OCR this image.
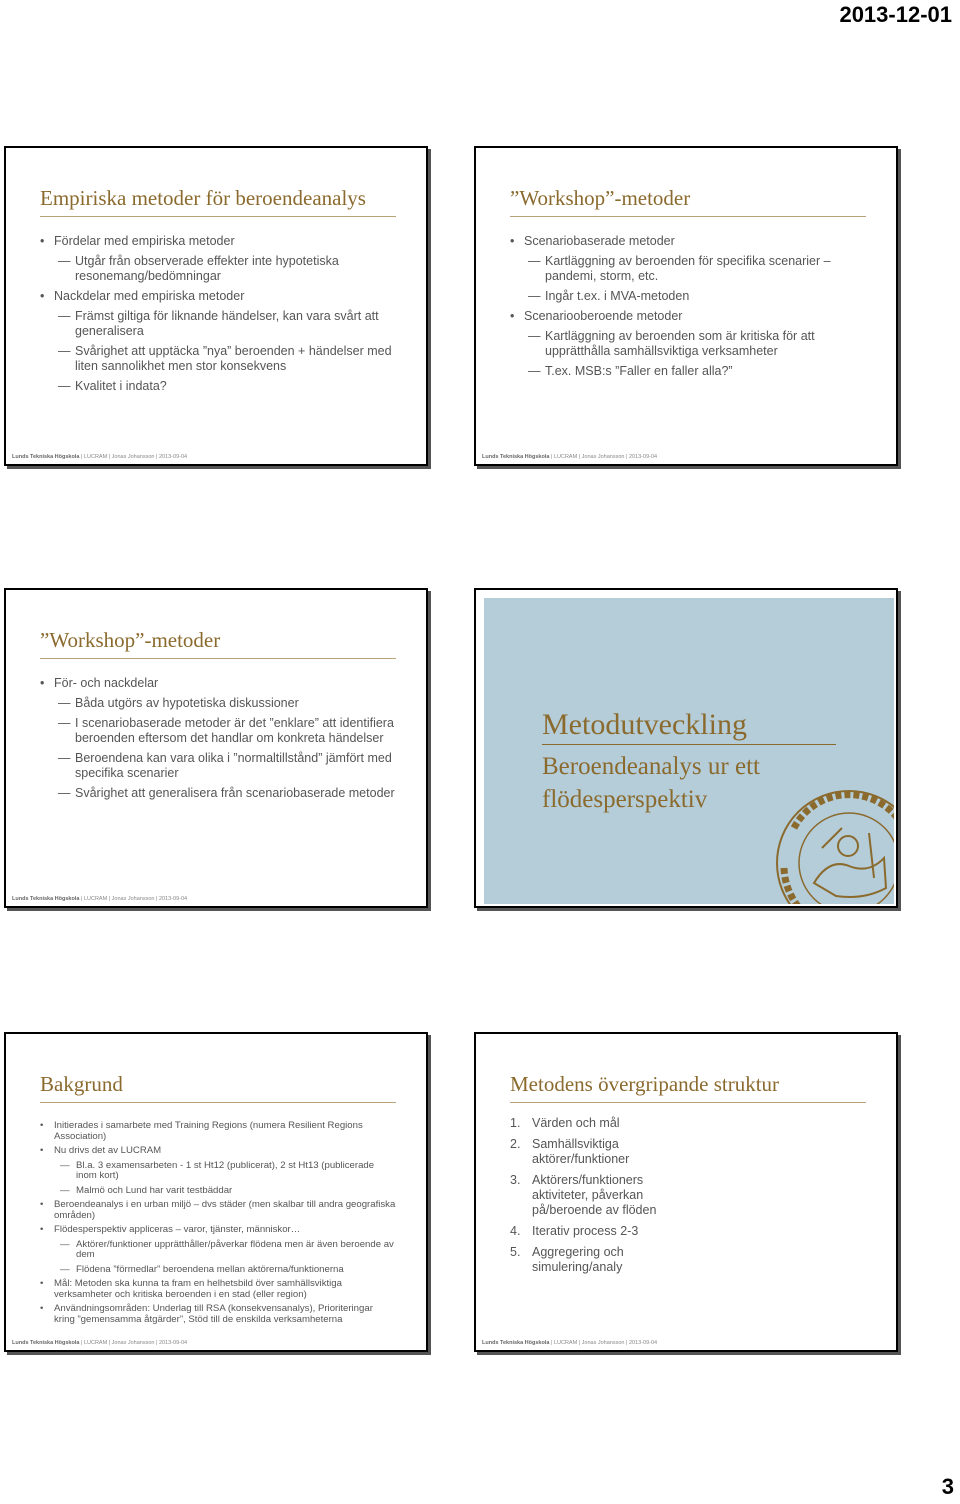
2013-12-01
Empiriska metoder för beroendeanalys
• Fördelar med empiriska metoder
— Utgår från observerade effekter inte hypotetiska resonemang/bedömningar
• Nackdelar med empiriska metoder
— Främst giltiga för liknande händelser, kan vara svårt att generalisera
— Svårighet att upptäcka ”nya” beroenden + händelser med liten sannolikhet men stor konsekvens
— Kvalitet i indata?
Lunds Tekniska Högskola | LUCRAM | Jonas Johansson | 2013-09-04
”Workshop”-metoder
• Scenariobaserade metoder
— Kartläggning av beroenden för specifika scenarier – pandemi, storm, etc.
— Ingår t.ex. i MVA-metoden
• Scenariooberoende metoder
— Kartläggning av beroenden som är kritiska för att upprätthålla samhällsviktiga verksamheter
— T.ex. MSB:s ”Faller en faller alla?”
Lunds Tekniska Högskola | LUCRAM | Jonas Johansson | 2013-09-04
”Workshop”-metoder
• För- och nackdelar
— Båda utgörs av hypotetiska diskussioner
— I scenariobaserade metoder är det ”enklare” att identifiera beroenden eftersom det handlar om konkreta händelser
— Beroendena kan vara olika i ”normaltillstånd” jämfört med specifika scenarier
— Svårighet att generalisera från scenariobaserade metoder
Lunds Tekniska Högskola | LUCRAM | Jonas Johansson | 2013-09-04
Metodutveckling
Beroendeanalys ur ett flödesperspektiv
Bakgrund
• Initierades i samarbete med Training Regions (numera Resilient Regions Association)
• Nu drivs det av LUCRAM
— Bl.a. 3 examensarbeten - 1 st Ht12 (publicerat), 2 st Ht13 (publicerade inom kort)
— Malmö och Lund har varit testbäddar
• Beroendeanalys i en urban miljö – dvs städer (men skalbar till andra geografiska områden)
• Flödesperspektiv appliceras – varor, tjänster, människor…
— Aktörer/funktioner upprätthåller/påverkar flödena men är även beroende av dem
— Flödena ”förmedlar” beroendena mellan aktörerna/funktionerna
• Mål: Metoden ska kunna ta fram en helhetsbild över samhällsviktiga verksamheter och kritiska beroenden i en stad (eller region)
• Användningsområden: Underlag till RSA (konsekvensanalys), Prioriteringar kring ”gemensamma åtgärder”, Stöd till de enskilda verksamheterna
Lunds Tekniska Högskola | LUCRAM | Jonas Johansson | 2013-09-04
Metodens övergripande struktur
1. Värden och mål
2. Samhällsviktiga aktörer/funktioner
3. Aktörers/funktioners aktiviteter, påverkan på/beroende av flöden
4. Iterativ process 2-3
5. Aggregering och simulering/analy
Lunds Tekniska Högskola | LUCRAM | Jonas Johansson | 2013-09-04
3
